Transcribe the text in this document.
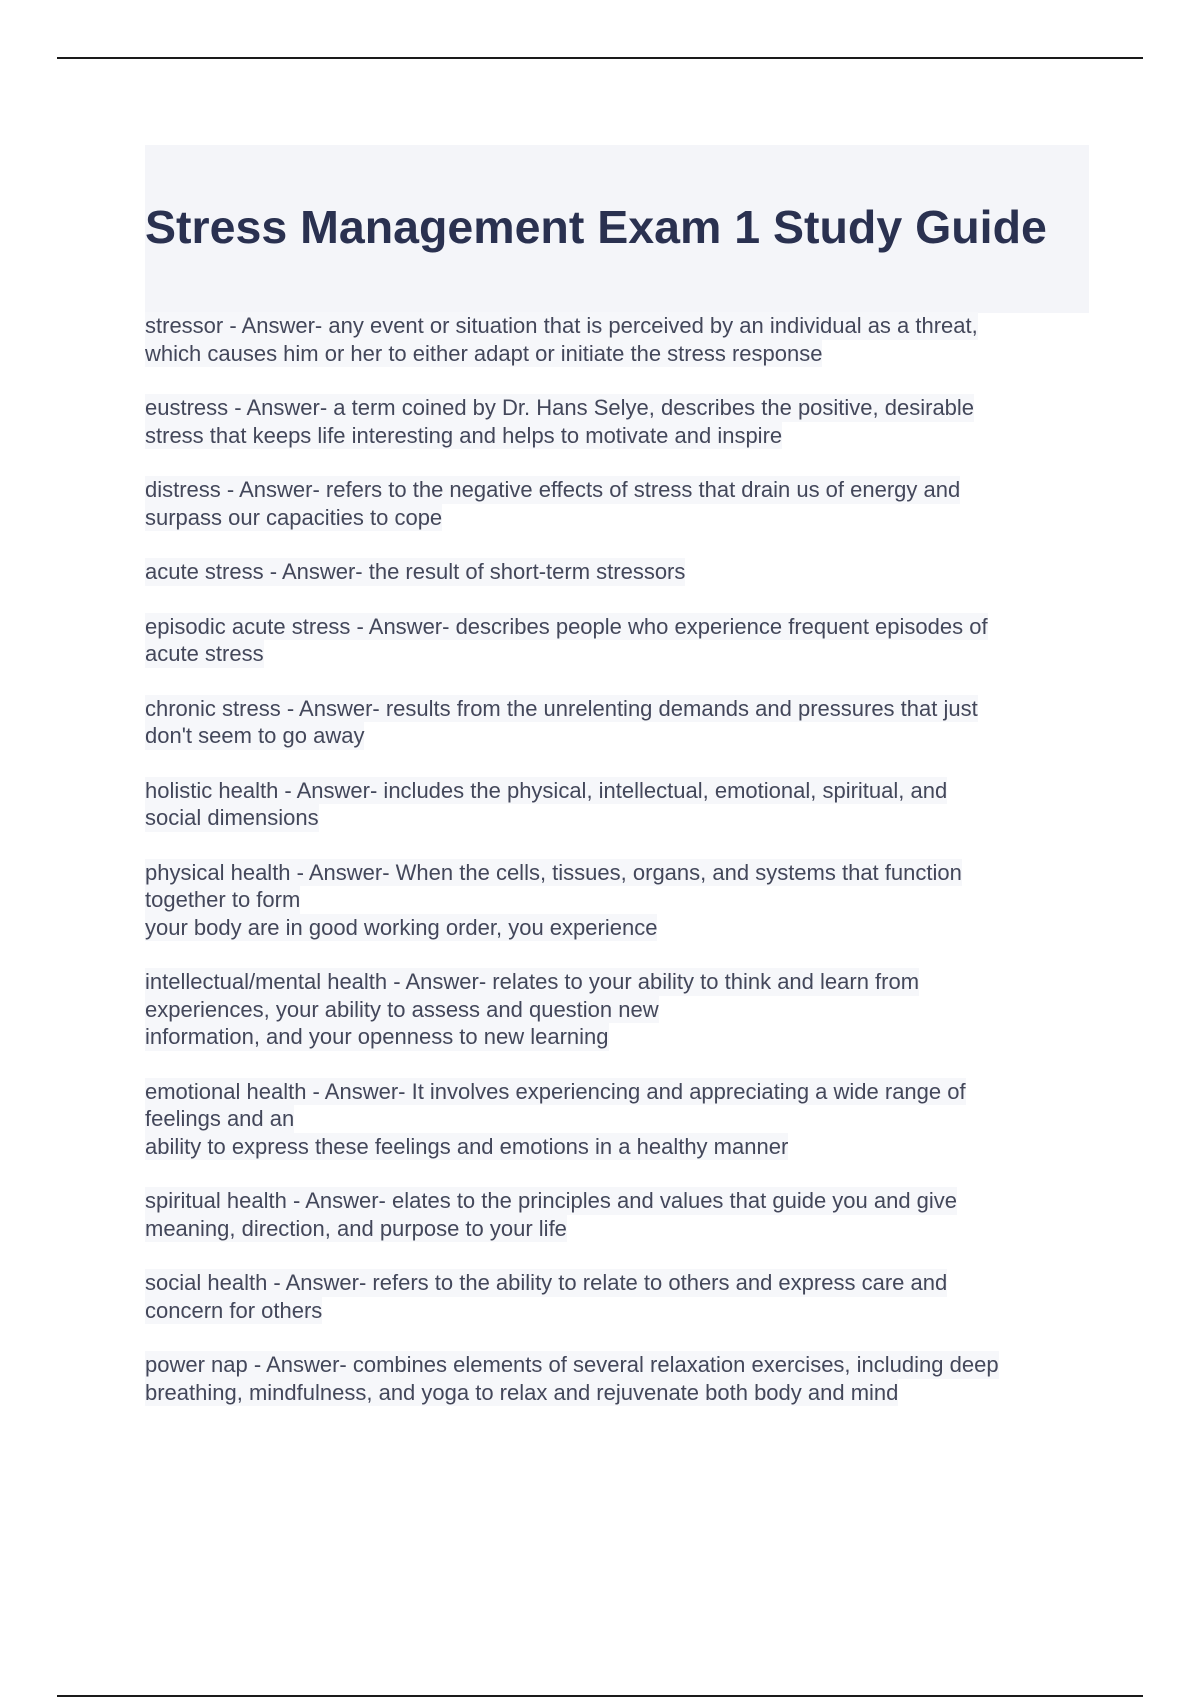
Stress Management Exam 1 Study Guide
stressor - Answer- any event or situation that is perceived by an individual as a threat,
which causes him or her to either adapt or initiate the stress response
eustress - Answer- a term coined by Dr. Hans Selye, describes the positive, desirable
stress that keeps life interesting and helps to motivate and inspire
distress - Answer- refers to the negative effects of stress that drain us of energy and
surpass our capacities to cope
acute stress - Answer- the result of short-term stressors
episodic acute stress - Answer- describes people who experience frequent episodes of
acute stress
chronic stress - Answer- results from the unrelenting demands and pressures that just
don't seem to go away
holistic health - Answer- includes the physical, intellectual, emotional, spiritual, and
social dimensions
physical health - Answer- When the cells, tissues, organs, and systems that function
together to form
your body are in good working order, you experience
intellectual/mental health - Answer- relates to your ability to think and learn from
experiences, your ability to assess and question new
information, and your openness to new learning
emotional health - Answer- It involves experiencing and appreciating a wide range of
feelings and an
ability to express these feelings and emotions in a healthy manner
spiritual health - Answer- elates to the principles and values that guide you and give
meaning, direction, and purpose to your life
social health - Answer- refers to the ability to relate to others and express care and
concern for others
power nap - Answer- combines elements of several relaxation exercises, including deep
breathing, mindfulness, and yoga to relax and rejuvenate both body and mind
